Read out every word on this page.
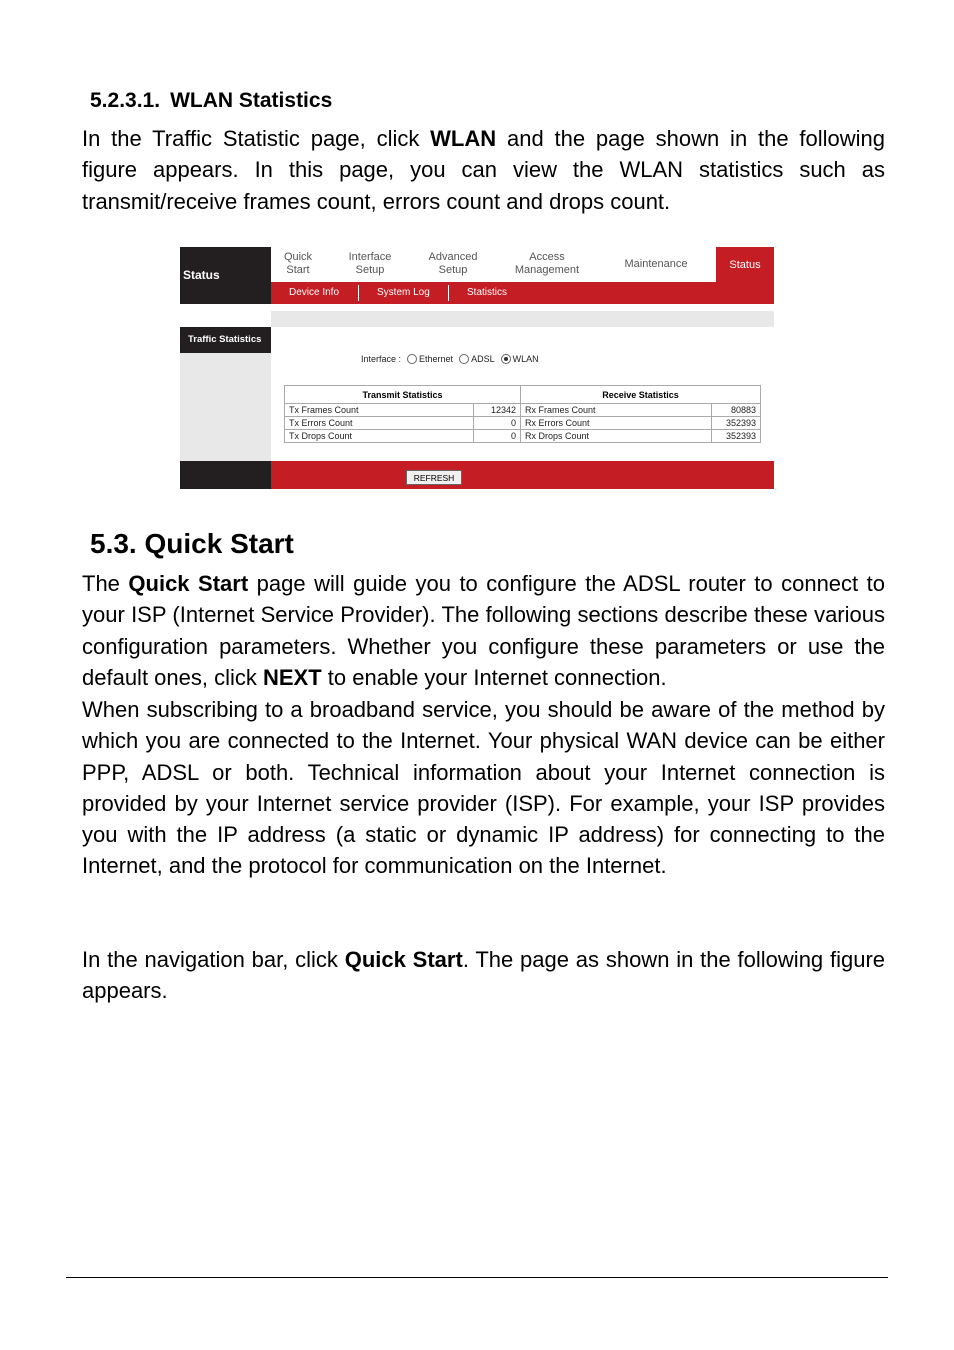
5.2.3.1. WLAN Statistics

In the Traffic Statistic page, click WLAN and the page shown in the following figure appears. In this page, you can view the WLAN statistics such as transmit/receive frames count, errors count and drops count.

Status
Quick Start
Interface Setup
Advanced Setup
Access Management	Maintenance	Status
Device Info	System Log	Statistics
Traffic Statistics
Interface : Ethernet ADSL WLAN
Transmit Statistics		Receive Statistics	
Tx Frames Count	12342	Rx Frames Count	80883
Tx Errors Count	0	Rx Errors Count	352393
Tx Drops Count	0	Rx Drops Count	352393
REFRESH
5.3. Quick Start

The Quick Start page will guide you to configure the ADSL router to connect to your ISP (Internet Service Provider). The following sections describe these various configuration parameters. Whether you configure these parameters or use the default ones, click NEXT to enable your Internet connection.

When subscribing to a broadband service, you should be aware of the method by which you are connected to the Internet. Your physical WAN device can be either PPP, ADSL or both. Technical information about your Internet connection is provided by your Internet service provider (ISP). For example, your ISP provides you with the IP address (a static or dynamic IP address) for connecting to the Internet, and the protocol for communication on the Internet.

In the navigation bar, click Quick Start. The page as shown in the following figure appears.
